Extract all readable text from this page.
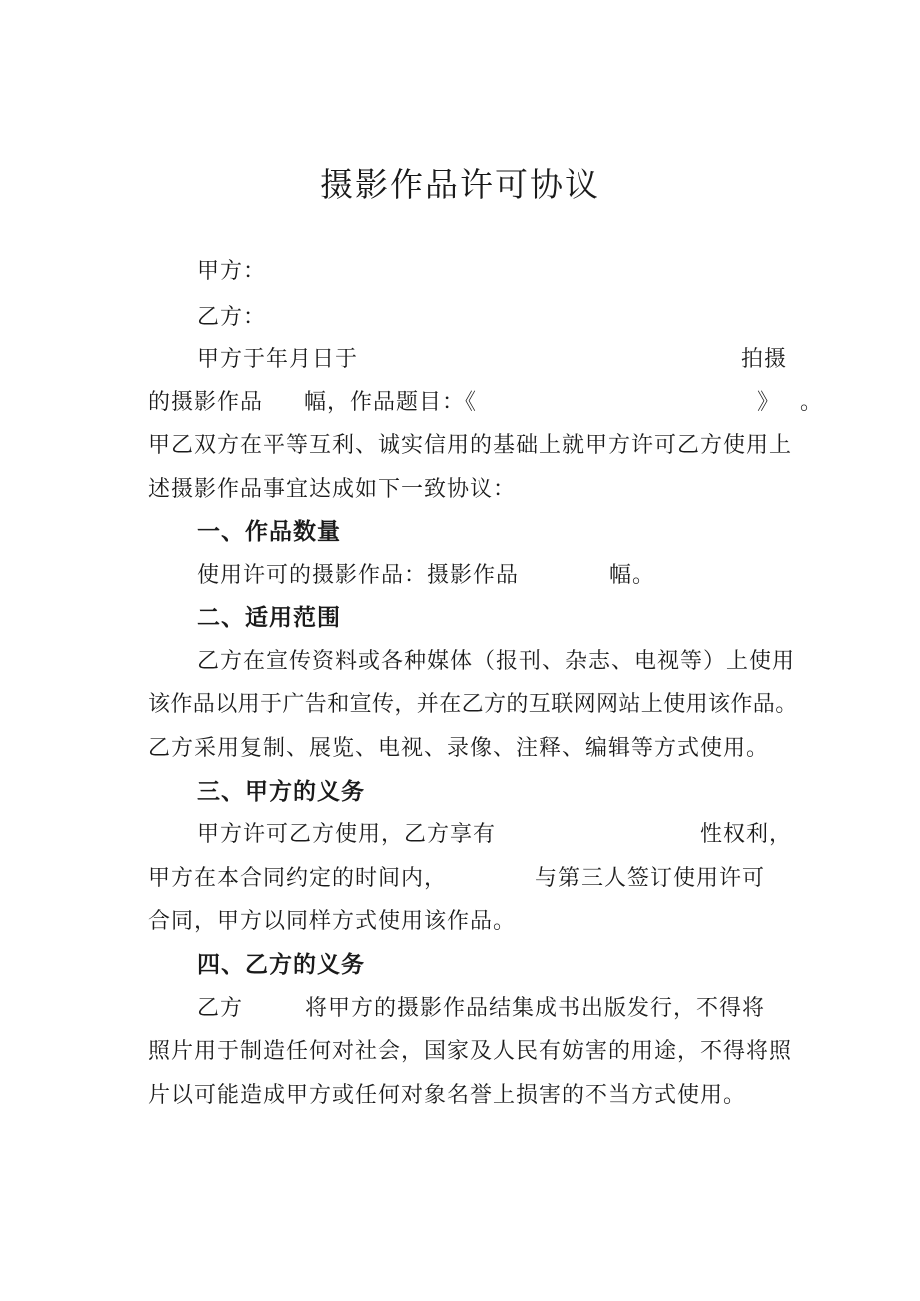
摄影作品许可协议
甲方：
乙方：
甲方于年月日于	拍摄
的摄影作品 幅，作品题目：《	》 。
甲乙双方在平等互利、诚实信用的基础上就甲方许可乙方使用上
述摄影作品事宜达成如下一致协议：
一、作品数量
使用许可的摄影作品：摄影作品	幅。
二、适用范围
乙方在宣传资料或各种媒体（报刊、杂志、电视等）上使用
该作品以用于广告和宣传，并在乙方的互联网网站上使用该作品。
乙方采用复制、展览、电视、录像、注释、编辑等方式使用。
三、甲方的义务
甲方许可乙方使用，乙方享有	性权利，
甲方在本合同约定的时间内，	与第三人签订使用许可
合同，甲方以同样方式使用该作品。
四、乙方的义务
乙方	将甲方的摄影作品结集成书出版发行，不得将
照片用于制造任何对社会，国家及人民有妨害的用途，不得将照
片以可能造成甲方或任何对象名誉上损害的不当方式使用。
